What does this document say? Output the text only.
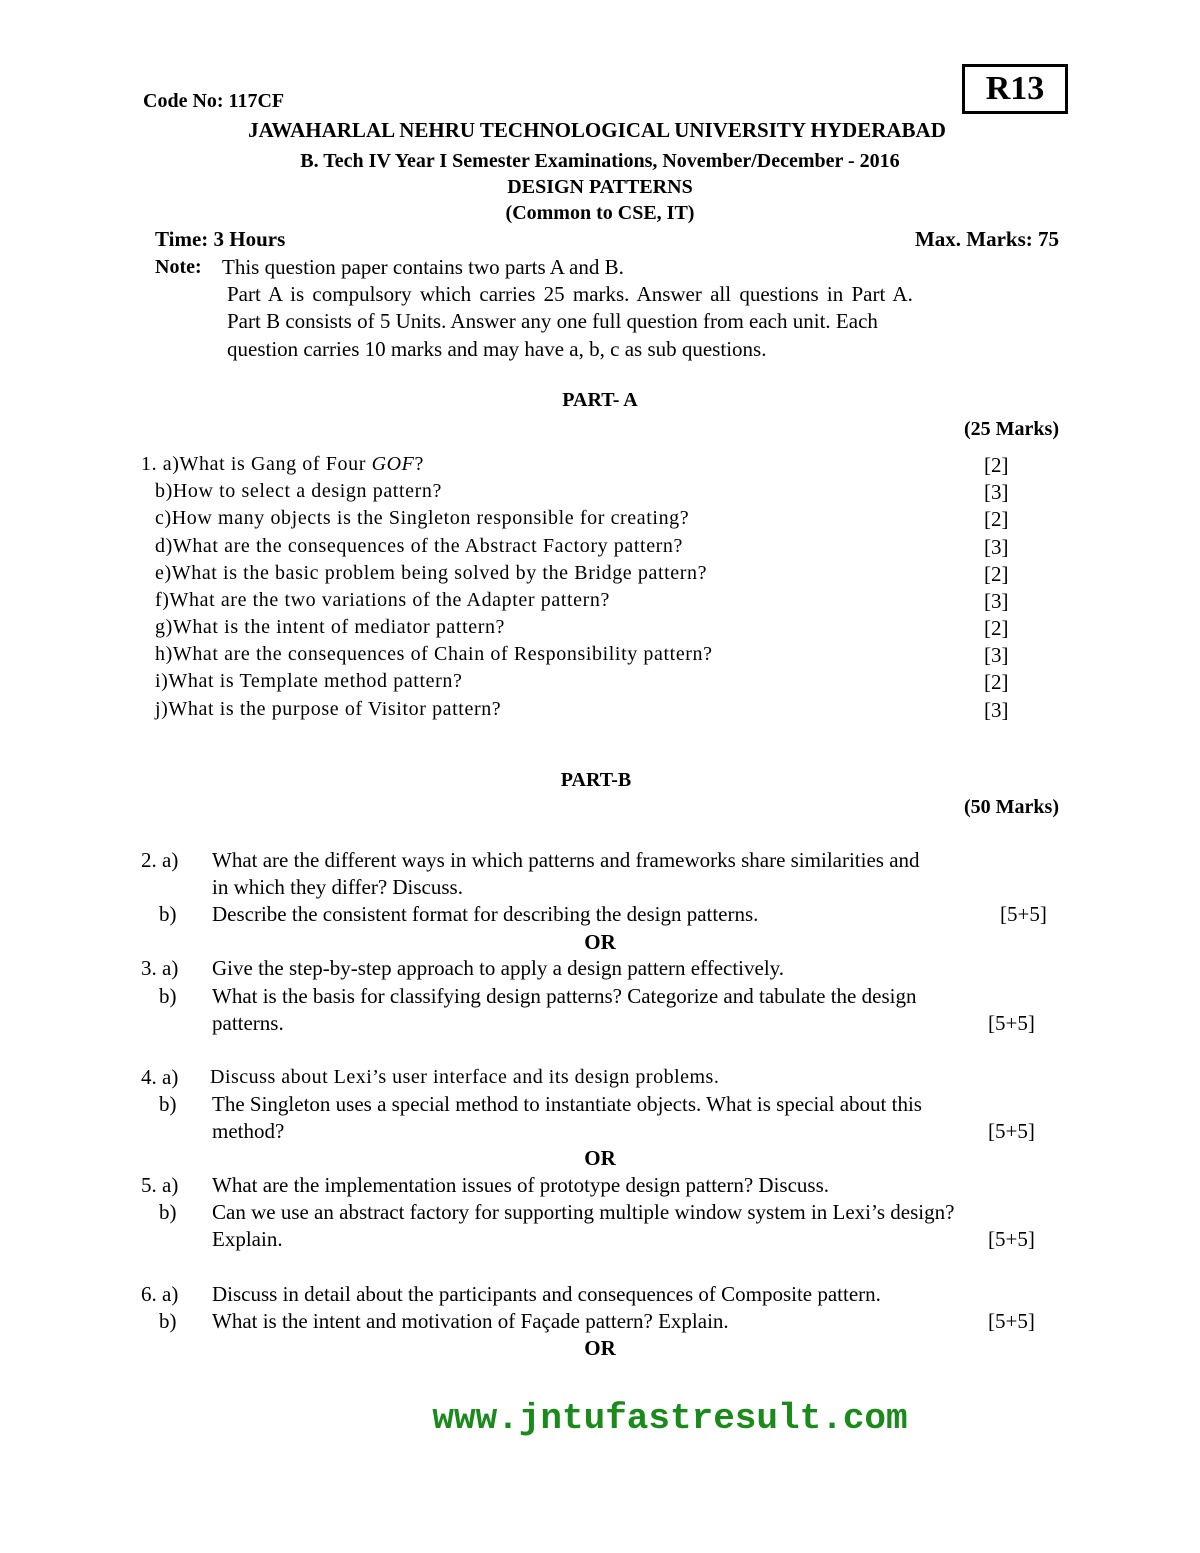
Code No: 117CF	R13
JAWAHARLAL NEHRU TECHNOLOGICAL UNIVERSITY HYDERABAD
B. Tech IV Year I Semester Examinations, November/December - 2016
DESIGN PATTERNS
(Common to CSE, IT)
Time: 3 Hours	Max. Marks: 75
Note: This question paper contains two parts A and B.
Part A is compulsory which carries 25 marks. Answer all questions in Part A.
Part B consists of 5 Units. Answer any one full question from each unit. Each
question carries 10 marks and may have a, b, c as sub questions.
PART- A
(25 Marks)
1. a)What is Gang of Four GOF?	[2]
b)How to select a design pattern?	[3]
c)How many objects is the Singleton responsible for creating?	[2]
d)What are the consequences of the Abstract Factory pattern?	[3]
e)What is the basic problem being solved by the Bridge pattern?	[2]
f)What are the two variations of the Adapter pattern?	[3]
g)What is the intent of mediator pattern?	[2]
h)What are the consequences of Chain of Responsibility pattern?	[3]
i)What is Template method pattern?	[2]
j)What is the purpose of Visitor pattern?	[3]
PART-B
(50 Marks)
2. a) What are the different ways in which patterns and frameworks share similarities and
in which they differ? Discuss.
b) Describe the consistent format for describing the design patterns.	[5+5]
OR
3. a) Give the step-by-step approach to apply a design pattern effectively.
b) What is the basis for classifying design patterns? Categorize and tabulate the design
patterns.	[5+5]
4. a) Discuss about Lexi’s user interface and its design problems.
b) The Singleton uses a special method to instantiate objects. What is special about this
method?	[5+5]
OR
5. a) What are the implementation issues of prototype design pattern? Discuss.
b) Can we use an abstract factory for supporting multiple window system in Lexi’s design?
Explain.	[5+5]
6. a) Discuss in detail about the participants and consequences of Composite pattern.
b) What is the intent and motivation of Façade pattern? Explain.	[5+5]
OR
www.jntufastresult.com
